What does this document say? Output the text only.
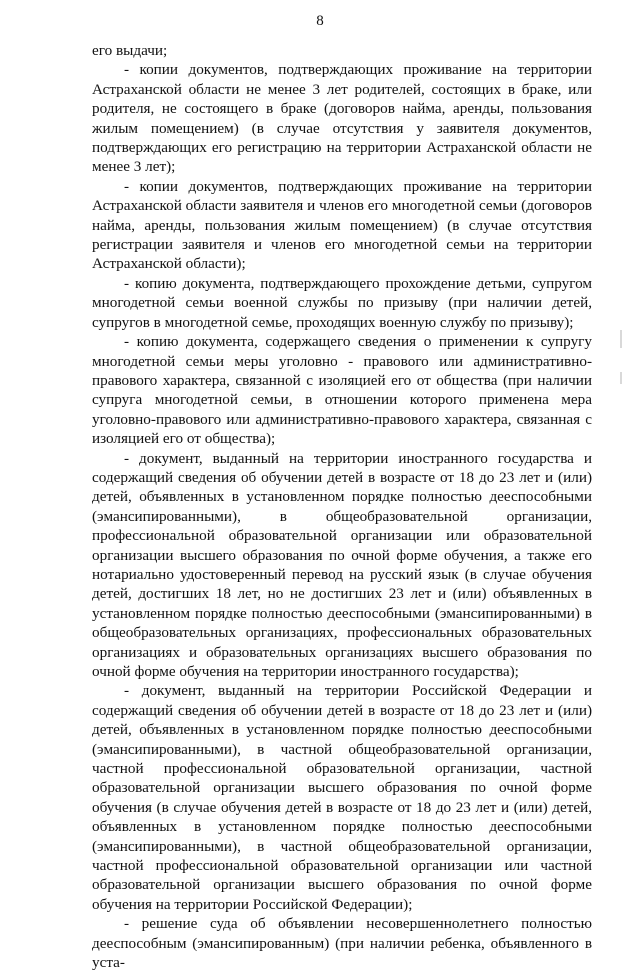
8

его выдачи;

- копии документов, подтверждающих проживание на территории Астраханской области не менее 3 лет родителей, состоящих в браке, или родителя, не состоящего в браке (договоров найма, аренды, пользования жилым помещением) (в случае отсутствия у заявителя документов, подтверждающих его регистрацию на территории Астраханской области не менее 3 лет);

- копии документов, подтверждающих проживание на территории Астраханской области заявителя и членов его многодетной семьи (договоров найма, аренды, пользования жилым помещением) (в случае отсутствия регистрации заявителя и членов его многодетной семьи на территории Астраханской области);

- копию документа, подтверждающего прохождение детьми, супругом многодетной семьи военной службы по призыву (при наличии детей, супругов в многодетной семье, проходящих военную службу по призыву);

- копию документа, содержащего сведения о применении к супругу многодетной семьи меры уголовно - правового или административно-правового характера, связанной с изоляцией его от общества (при наличии супруга многодетной семьи, в отношении которого применена мера уголовно-правового или административно-правового характера, связанная с изоляцией его от общества);

- документ, выданный на территории иностранного государства и содержащий сведения об обучении детей в возрасте от 18 до 23 лет и (или) детей, объявленных в установленном порядке полностью дееспособными (эмансипированными), в общеобразовательной организации, профессиональной образовательной организации или образовательной организации высшего образования по очной форме обучения, а также его нотариально удостоверенный перевод на русский язык (в случае обучения детей, достигших 18 лет, но не достигших 23 лет и (или) объявленных в установленном порядке полностью дееспособными (эмансипированными) в общеобразовательных организациях, профессиональных образовательных организациях и образовательных организациях высшего образования по очной форме обучения на территории иностранного государства);

- документ, выданный на территории Российской Федерации и содержащий сведения об обучении детей в возрасте от 18 до 23 лет и (или) детей, объявленных в установленном порядке полностью дееспособными (эмансипированными), в частной общеобразовательной организации, частной профессиональной образовательной организации, частной образовательной организации высшего образования по очной форме обучения (в случае обучения детей в возрасте от 18 до 23 лет и (или) детей, объявленных в установленном порядке полностью дееспособными (эмансипированными), в частной общеобразовательной организации, частной профессиональной образовательной организации или частной образовательной организации высшего образования по очной форме обучения на территории Российской Федерации);

- решение суда об объявлении несовершеннолетнего полностью дееспособным (эмансипированным) (при наличии ребенка, объявленного в уста-
